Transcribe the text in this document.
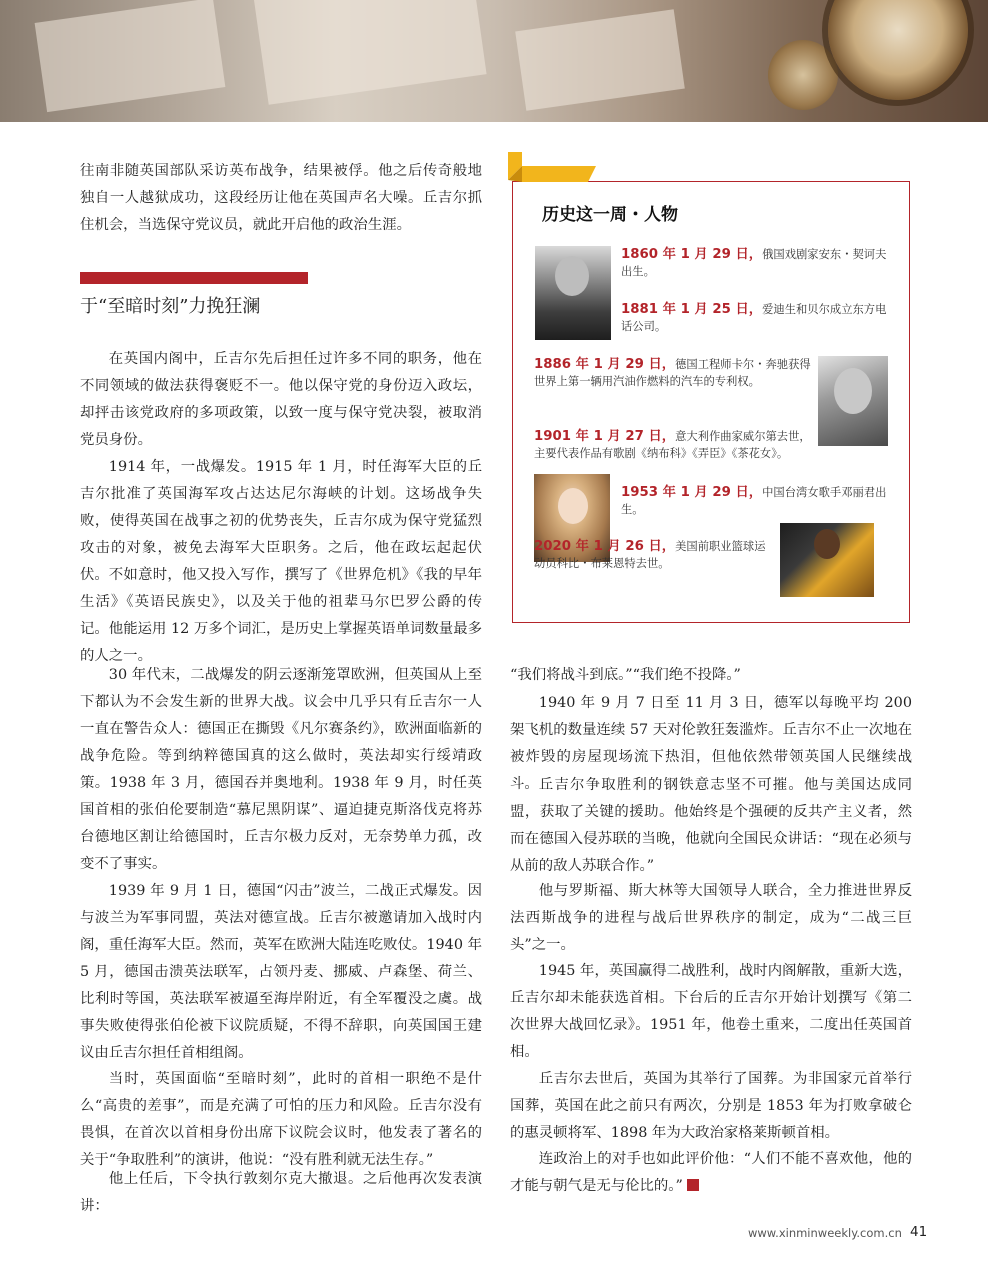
往南非随英国部队采访英布战争，结果被俘。他之后传奇般地独自一人越狱成功，这段经历让他在英国声名大噪。丘吉尔抓住机会，当选保守党议员，就此开启他的政治生涯。

于“至暗时刻”力挽狂澜

在英国内阁中，丘吉尔先后担任过许多不同的职务，他在不同领域的做法获得褒贬不一。他以保守党的身份迈入政坛，却抨击该党政府的多项政策，以致一度与保守党决裂，被取消党员身份。

1914 年，一战爆发。1915 年 1 月，时任海军大臣的丘吉尔批准了英国海军攻占达达尼尔海峡的计划。这场战争失败，使得英国在战事之初的优势丧失，丘吉尔成为保守党猛烈攻击的对象，被免去海军大臣职务。之后，他在政坛起起伏伏。 不如意时，他又投入写作，撰写了《世界危机》《我的早年生活》《英语民族史》，以及关于他的祖辈马尔巴罗公爵的传记。他能运用 12 万多个词汇，是历史上掌握英语单词数量最多的人之一。

30 年代末，二战爆发的阴云逐渐笼罩欧洲，但英国从上至下都认为不会发生新的世界大战。议会中几乎只有丘吉尔一人一直在警告众人：德国正在撕毁《凡尔赛条约》，欧洲面临新的战争危险。等到纳粹德国真的这么做时，英法却实行绥靖政策。1938 年 3 月，德国吞并奥地利。1938 年 9 月，时任英国首相的张伯伦要制造“慕尼黑阴谋”、逼迫捷克斯洛伐克将苏台德地区割让给德国时，丘吉尔极力反对，无奈势单力孤，改变不了事实。

1939 年 9 月 1 日，德国“闪击”波兰，二战正式爆发。因与波兰为军事同盟，英法对德宣战。丘吉尔被邀请加入战时内阁，重任海军大臣。然而，英军在欧洲大陆连吃败仗。1940 年 5 月，德国击溃英法联军，占领丹麦、挪威、卢森堡、荷兰、比利时等国，英法联军被逼至海岸附近，有全军覆没之虞。战事失败使得张伯伦被下议院质疑，不得不辞职，向英国国王建议由丘吉尔担任首相组阁。

当时，英国面临“至暗时刻”，此时的首相一职绝不是什么“高贵的差事”，而是充满了可怕的压力和风险。丘吉尔没有畏惧，在首次以首相身份出席下议院会议时，他发表了著名的关于“争取胜利”的演讲，他说：“没有胜利就无法生存。”

他上任后，下令执行敦刻尔克大撤退。之后他再次发表演讲：

历史这一周・人物

1860 年 1 月 29 日，俄国戏剧家安东・契诃夫出生。

1881 年 1 月 25 日，爱迪生和贝尔成立东方电话公司。

1886 年 1 月 29 日，德国工程师卡尔・奔驰获得世界上第一辆用汽油作燃料的汽车的专利权。

1901 年 1 月 27 日，意大利作曲家威尔第去世，主要代表作品有歌剧《纳布科》《弄臣》《茶花女》。

1953 年 1 月 29 日，中国台湾女歌手邓丽君出生。

2020 年 1 月 26 日，美国前职业篮球运动员科比・布莱恩特去世。

“我们将战斗到底。”“我们绝不投降。”

1940 年 9 月 7 日至 11 月 3 日，德军以每晚平均 200 架飞机的数量连续 57 天对伦敦狂轰滥炸。丘吉尔不止一次地在被炸毁的房屋现场流下热泪，但他依然带领英国人民继续战斗。 丘吉尔争取胜利的钢铁意志坚不可摧。他与美国达成同盟，获取了关键的援助。他始终是个强硬的反共产主义者，然而在德国入侵苏联的当晚，他就向全国民众讲话：“现在必须与从前的敌人苏联合作。”

他与罗斯福、斯大林等大国领导人联合，全力推进世界反法西斯战争的进程与战后世界秩序的制定，成为“二战三巨头”之一。

1945 年，英国赢得二战胜利，战时内阁解散，重新大选，丘吉尔却未能获选首相。下台后的丘吉尔开始计划撰写《第二次世界大战回忆录》。1951 年，他卷土重来，二度出任英国首相。

丘吉尔去世后，英国为其举行了国葬。为非国家元首举行国葬，英国在此之前只有两次，分别是 1853 年为打败拿破仑的惠灵顿将军、1898 年为大政治家格莱斯顿首相。

连政治上的对手也如此评价他：“人们不能不喜欢他，他的才能与朝气是无与伦比的。”

www.xinminweekly.com.cn 41
